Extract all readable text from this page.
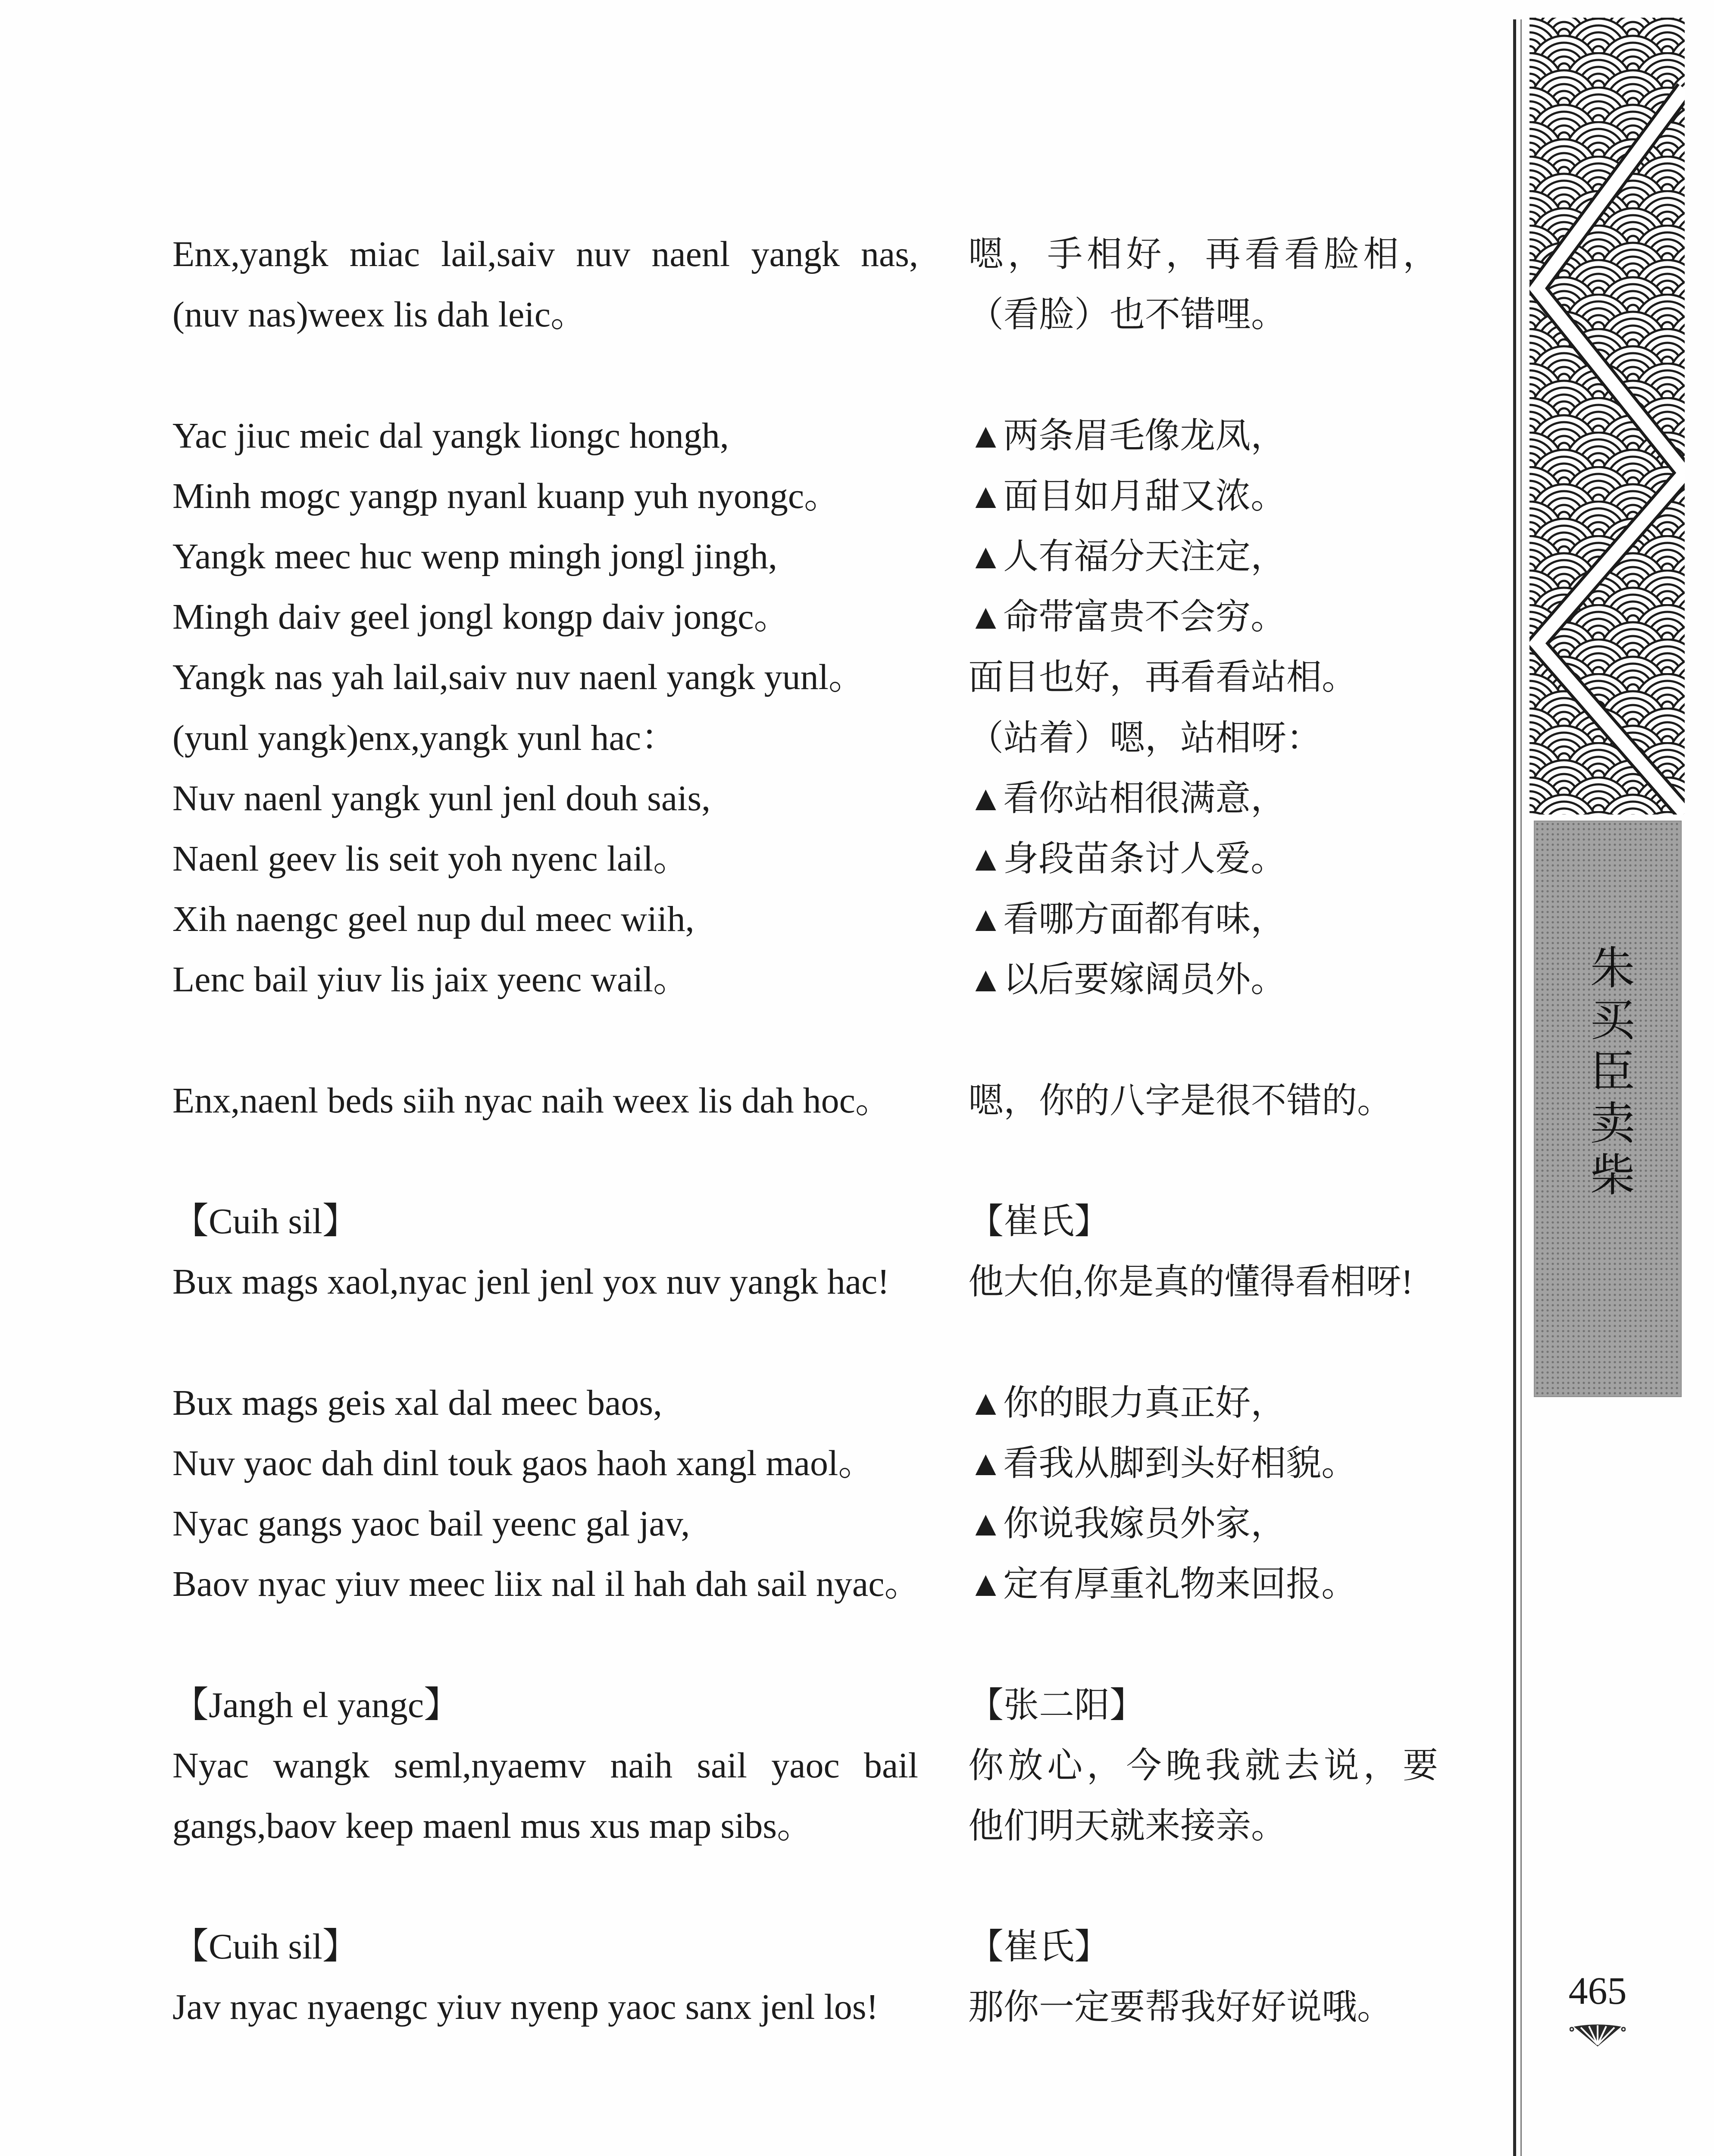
Enx,yangk miac lail,saiv nuv naenl yangk nas, 嗯，手相好，再看看脸相，
(nuv nas)weex lis dah leic。	（看脸）也不错哩。
Yac jiuc meic dal yangk liongc hongh,	▲两条眉毛像龙凤，
Minh mogc yangp nyanl kuanp yuh nyongc。	▲面目如月甜又浓。
Yangk meec huc wenp mingh jongl jingh,	▲人有福分天注定，
Mingh daiv geel jongl kongp daiv jongc。	▲命带富贵不会穷。
Yangk nas yah lail,saiv nuv naenl yangk yunl。	面目也好，再看看站相。
(yunl yangk)enx,yangk yunl hac：	（站着）嗯，站相呀：
Nuv naenl yangk yunl jenl douh sais,	▲看你站相很满意，
Naenl geev lis seit yoh nyenc lail。	▲身段苗条讨人爱。
Xih naengc geel nup dul meec wiih,	▲看哪方面都有味，
Lenc bail yiuv lis jaix yeenc wail。	▲以后要嫁阔员外。
Enx,naenl beds siih nyac naih weex lis dah hoc。	嗯，你的八字是很不错的。
【Cuih sil】	【崔氏】
Bux mags xaol,nyac jenl jenl yox nuv yangk hac!	他大伯,你是真的懂得看相呀!
Bux mags geis xal dal meec baos,	▲你的眼力真正好，
Nuv yaoc dah dinl touk gaos haoh xangl maol。	▲看我从脚到头好相貌。
Nyac gangs yaoc bail yeenc gal jav,	▲你说我嫁员外家，
Baov nyac yiuv meec liix nal il hah dah sail nyac。 ▲定有厚重礼物来回报。
【Jangh el yangc】	【张二阳】
Nyac wangk seml,nyaemv naih sail yaoc bail 你放心，今晚我就去说，要
gangs,baov keep maenl mus xus map sibs。	他们明天就来接亲。
【Cuih sil】	【崔氏】
Jav nyac nyaengc yiuv nyenp yaoc sanx jenl los!	那你一定要帮我好好说哦。
朱买臣卖柴
465
